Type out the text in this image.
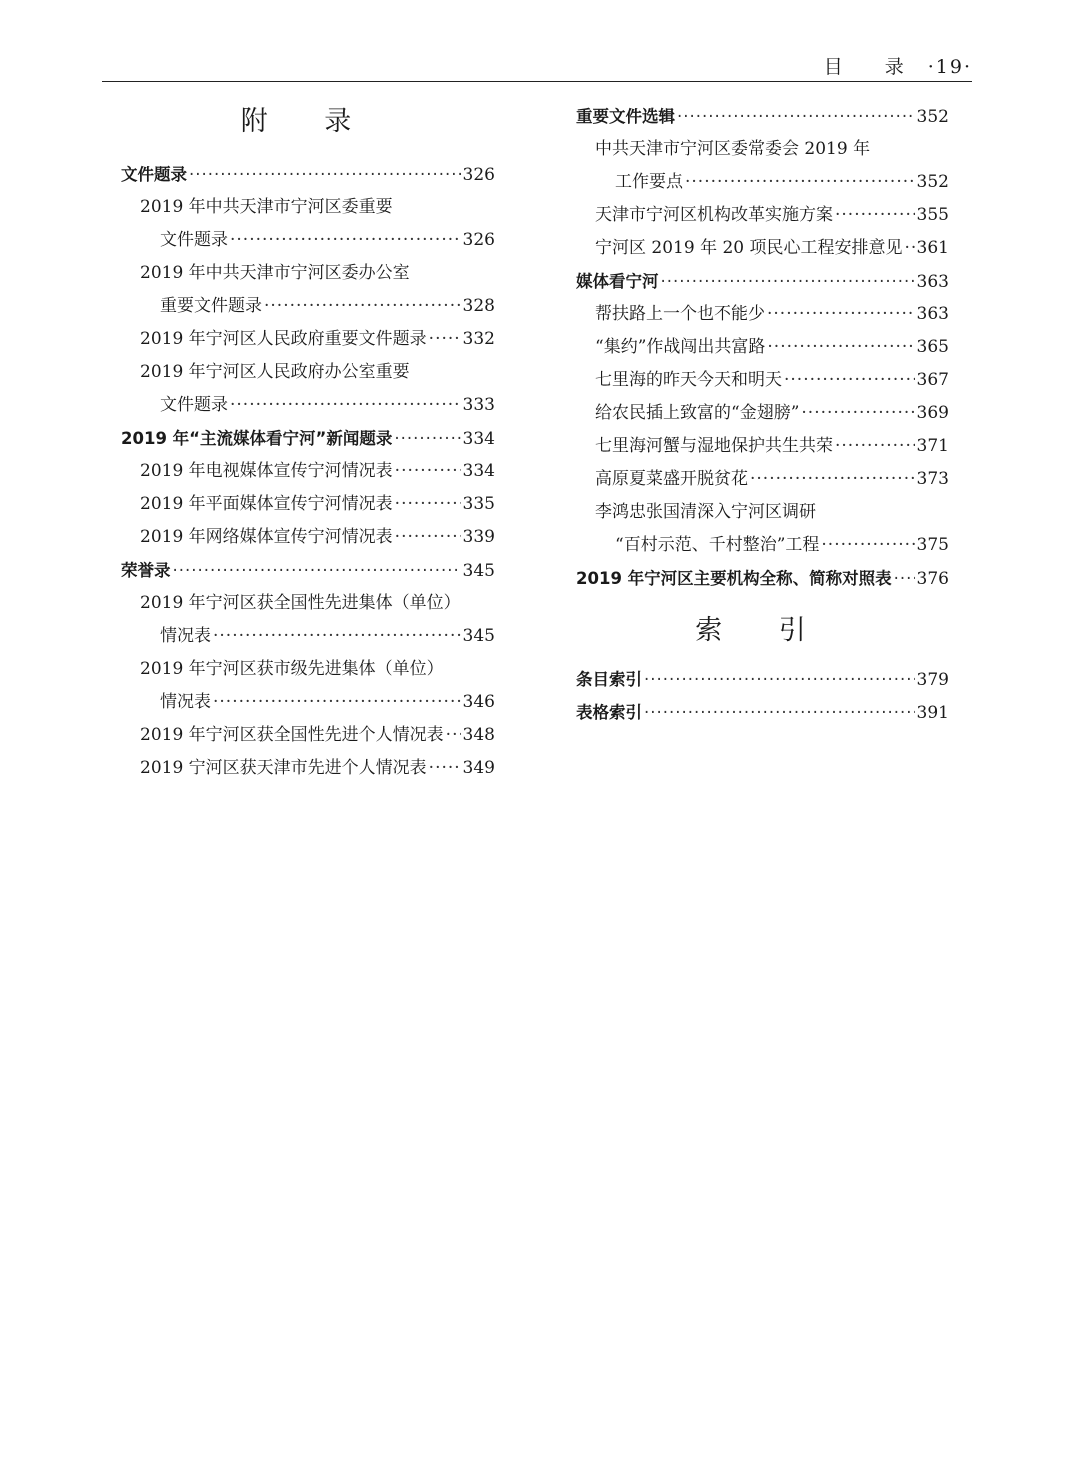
目 录 ·19·
附 录
文件题录 ·····	326
2019 年中共天津市宁河区委重要
文件题录 ·····	326
2019 年中共天津市宁河区委办公室
重要文件题录 ·····	328
2019 年宁河区人民政府重要文件题录 ····· 332
2019 年宁河区人民政府办公室重要
文件题录 ·····	333
2019 年“主流媒体看宁河”新闻题录 ·····	334
2019 年电视媒体宣传宁河情况表 ·····	334
2019 年平面媒体宣传宁河情况表 ·····	335
2019 年网络媒体宣传宁河情况表 ·····	339
荣誉录 ·····	345
2019 年宁河区获全国性先进集体（单位）
情况表 ·····	345
2019 年宁河区获市级先进集体（单位）
情况表 ·····	346
2019 年宁河区获全国性先进个人情况表 ····· 348
2019 宁河区获天津市先进个人情况表 ····· 349
重要文件选辑 ·····	352
中共天津市宁河区委常委会 2019 年
工作要点 ·····	352
天津市宁河区机构改革实施方案 ·····	355
宁河区 2019 年 20 项民心工程安排意见 ····· 361
媒体看宁河 ·····	363
帮扶路上一个也不能少 ·····	363
“集约”作战闯出共富路 ·····	365
七里海的昨天今天和明天 ·····	367
给农民插上致富的“金翅膀” ·····	369
七里海河蟹与湿地保护共生共荣 ·····	371
高原夏菜盛开脱贫花 ·····	373
李鸿忠张国清深入宁河区调研
“百村示范、千村整治”工程 ·····	375
2019 年宁河区主要机构全称、简称对照表 ····· 376
索 引
条目索引 ·····	379
表格索引 ·····	391
